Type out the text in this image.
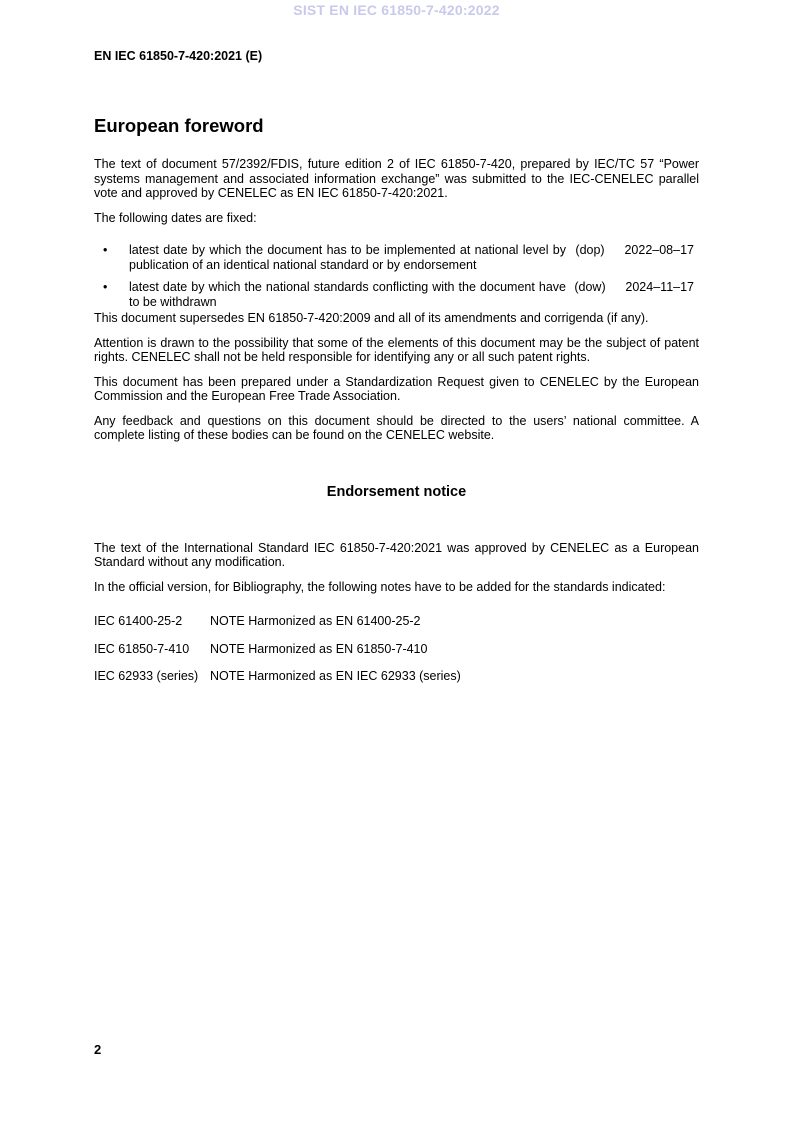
SIST EN IEC 61850-7-420:2022
EN IEC 61850-7-420:2021 (E)
European foreword

The text of document 57/2392/FDIS, future edition 2 of IEC 61850-7-420, prepared by IEC/TC 57 “Power systems management and associated information exchange” was submitted to the IEC-CENELEC parallel vote and approved by CENELEC as EN IEC 61850-7-420:2021.

The following dates are fixed:

•	latest date by which the document has to be implemented at national level by publication of an identical national standard or by endorsement
(dop)	2022–08–17
•	latest date by which the national standards conflicting with the document have to be withdrawn
(dow)	2024–11–17

This document supersedes EN 61850-7-420:2009 and all of its amendments and corrigenda (if any).

Attention is drawn to the possibility that some of the elements of this document may be the subject of patent rights. CENELEC shall not be held responsible for identifying any or all such patent rights.

This document has been prepared under a Standardization Request given to CENELEC by the European Commission and the European Free Trade Association.

Any feedback and questions on this document should be directed to the users’ national committee. A complete listing of these bodies can be found on the CENELEC website.

Endorsement notice

The text of the International Standard IEC 61850-7-420:2021 was approved by CENELEC as a European Standard without any modification.

In the official version, for Bibliography, the following notes have to be added for the standards indicated:

IEC 61400-25-2	NOTE Harmonized as EN 61400-25-2
IEC 61850-7-410	NOTE Harmonized as EN 61850-7-410
IEC 62933 (series) NOTE Harmonized as EN IEC 62933 (series)
2
